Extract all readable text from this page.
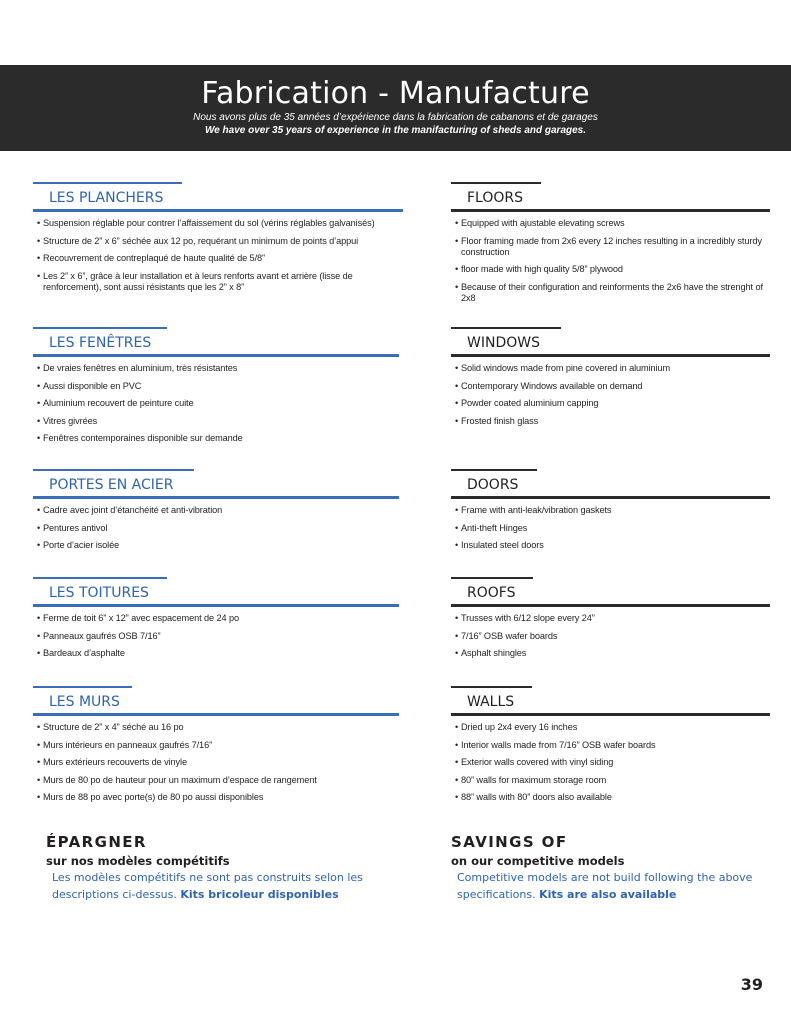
Fabrication - Manufacture
Nous avons plus de 35 années d’expérience dans la fabrication de cabanons et de garages
We have over 35 years of experience in the manifacturing of sheds and garages.
LES PLANCHERS
• Suspension réglable pour contrer l’affaissement du sol (vérins réglables galvanisés)
• Structure de 2” x 6” séchée aux 12 po, requérant un minimum de points d’appui
• Recouvrement de contreplaqué de haute qualité de 5/8”
• Les 2” x 6”, grâce à leur installation et à leurs renforts avant et arrière (lisse de renforcement), sont aussi résistants que les 2” x 8”
LES FENÊTRES
• De vraies fenêtres en aluminium, très résistantes
• Aussi disponible en PVC
• Aluminium recouvert de peinture cuite
• Vitres givrées
• Fenêtres contemporaines disponible sur demande
PORTES EN ACIER
• Cadre avec joint d’étanchéité et anti-vibration
• Pentures antivol
• Porte d’acier isolée
LES TOITURES
• Ferme de toit 6” x 12” avec espacement de 24 po
• Panneaux gaufrés OSB 7/16”
• Bardeaux d’asphalte
LES MURS
• Structure de 2” x 4” séché au 16 po
• Murs intérieurs en panneaux gaufrés 7/16”
• Murs extérieurs recouverts de vinyle
• Murs de 80 po de hauteur pour un maximum d’espace de rangement
• Murs de 88 po avec porte(s) de 80 po aussi disponibles
FLOORS
• Equipped with ajustable elevating screws
• Floor framing made from 2x6 every 12 inches resulting in a incredibly sturdy construction
• floor made with high quality 5/8” plywood
• Because of their configuration and reinforments the 2x6 have the strenght of 2x8
WINDOWS
• Solid windows made from pine covered in aluminium
• Contemporary Windows available on demand
• Powder coated aluminium capping
• Frosted finish glass
DOORS
• Frame with anti-leak/vibration gaskets
• Anti-theft Hinges
• Insulated steel doors
ROOFS
• Trusses with 6/12 slope every 24”
• 7/16” OSB wafer boards
• Asphalt shingles
WALLS
• Dried up 2x4 every 16 inches
• Interior walls made from 7/16” OSB wafer boards
• Exterior walls covered with vinyl siding
• 80” walls for maximum storage room
• 88” walls with 80” doors also available
ÉPARGNER
sur nos modèles compétitifs
Les modèles compétitifs ne sont pas construits selon les descriptions ci-dessus. Kits bricoleur disponibles
SAVINGS OF
on our competitive models
Competitive models are not build following the above specifications. Kits are also available
39
